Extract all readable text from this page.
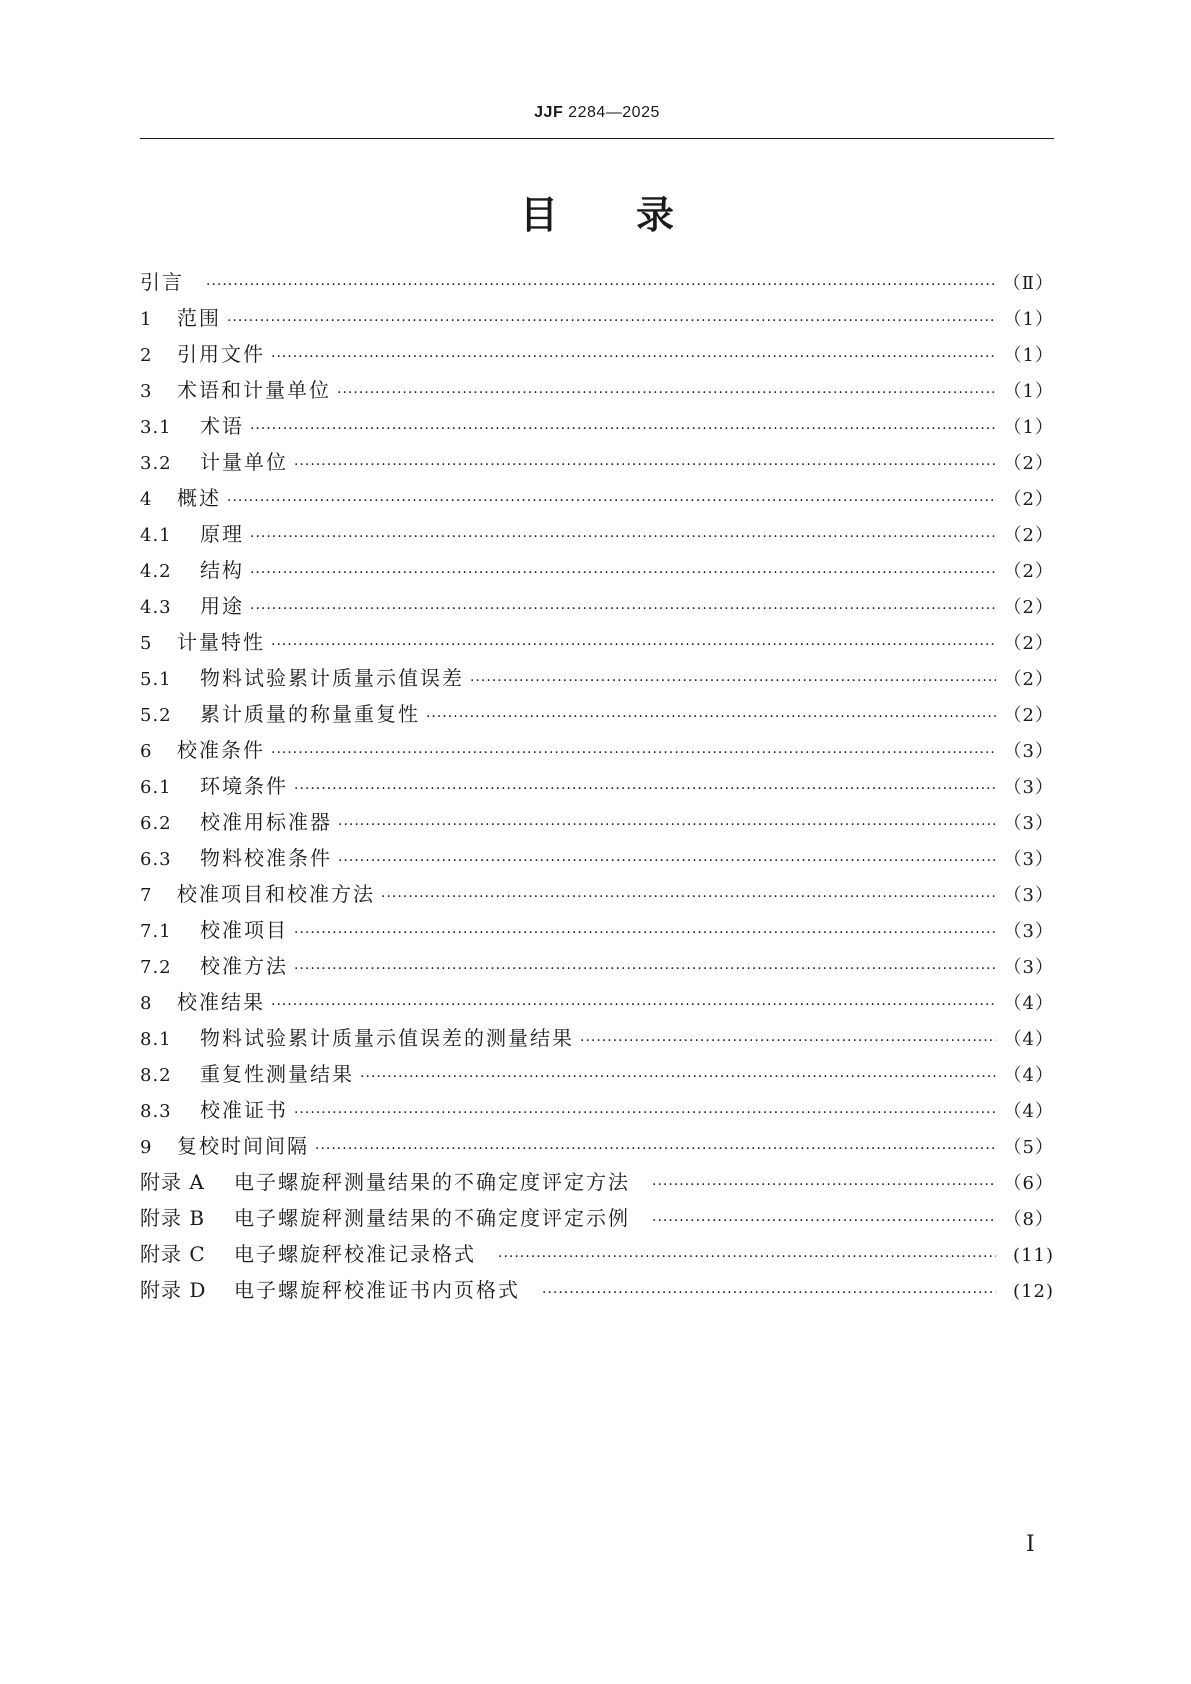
JJF 2284—2025
目录
引言 ·····	（Ⅱ）
1	范围 ·····	（1）
2	引用文件 ·····	（1）
3	术语和计量单位 ·····	（1）
3.1	术语 ·····	（1）
3.2	计量单位 ·····	（2）
4	概述 ·····	（2）
4.1	原理 ·····	（2）
4.2	结构 ·····	（2）
4.3	用途 ·····	（2）
5	计量特性 ·····	（2）
5.1	物料试验累计质量示值误差 ·····	（2）
5.2	累计质量的称量重复性 ·····	（2）
6	校准条件 ·····	（3）
6.1	环境条件 ·····	（3）
6.2	校准用标准器 ·····	（3）
6.3	物料校准条件 ·····	（3）
7	校准项目和校准方法 ·····	（3）
7.1	校准项目 ·····	（3）
7.2	校准方法 ·····	（3）
8	校准结果 ·····	（4）
8.1	物料试验累计质量示值误差的测量结果 ·····	（4）
8.2	重复性测量结果 ·····	（4）
8.3	校准证书 ·····	（4）
9	复校时间间隔 ·····	（5）
附录 A	电子螺旋秤测量结果的不确定度评定方法 ·····	（6）
附录 B	电子螺旋秤测量结果的不确定度评定示例 ·····	（8）
附录 C	电子螺旋秤校准记录格式 ·····	(11)
附录 D	电子螺旋秤校准证书内页格式 ·····	(12)
I
